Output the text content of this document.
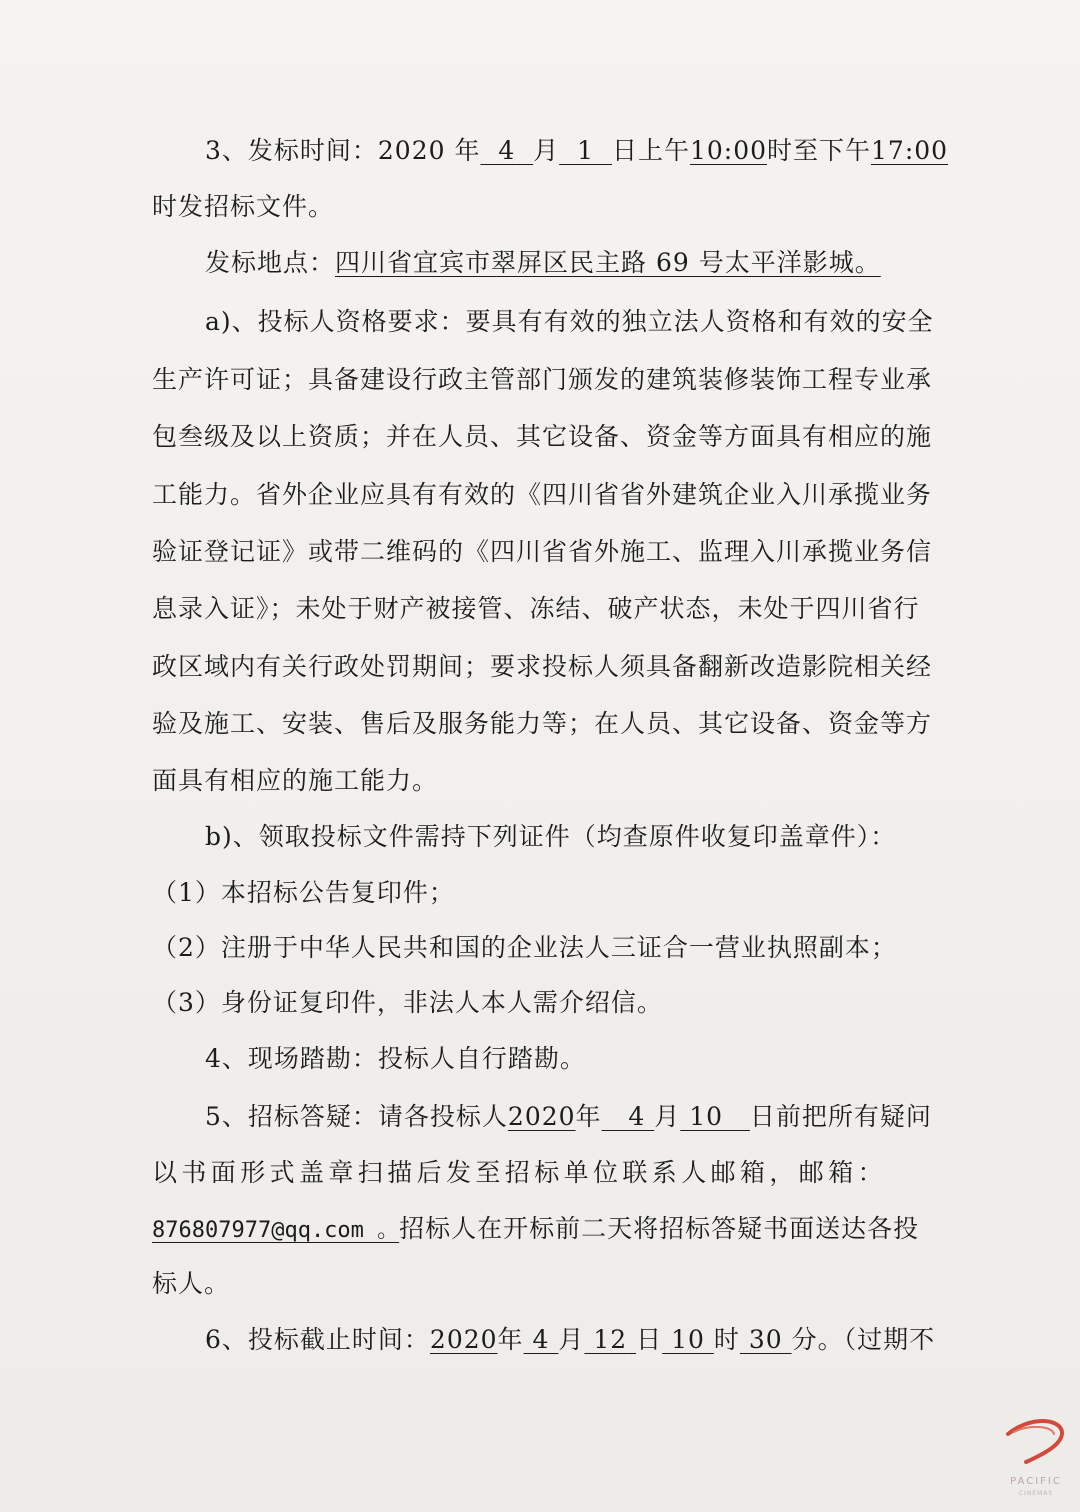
3、发标时间：2020 年 4 月 1 日上午10:00时至下午17:00
时发招标文件。
发标地点：四川省宜宾市翠屏区民主路 69 号太平洋影城。
a)、投标人资格要求：要具有有效的独立法人资格和有效的安全
生产许可证；具备建设行政主管部门颁发的建筑装修装饰工程专业承
包叁级及以上资质；并在人员、其它设备、资金等方面具有相应的施
工能力。省外企业应具有有效的《四川省省外建筑企业入川承揽业务
验证登记证》或带二维码的《四川省省外施工、监理入川承揽业务信
息录入证》；未处于财产被接管、冻结、破产状态，未处于四川省行
政区域内有关行政处罚期间；要求投标人须具备翻新改造影院相关经
验及施工、安装、售后及服务能力等；在人员、其它设备、资金等方
面具有相应的施工能力。
b)、领取投标文件需持下列证件（均查原件收复印盖章件）：
（1）本招标公告复印件；
（2）注册于中华人民共和国的企业法人三证合一营业执照副本；
（3）身份证复印件，非法人本人需介绍信。
4、现场踏勘：投标人自行踏勘。
5、招标答疑：请各投标人2020年 4 月 10 日前把所有疑问
以书面形式盖章扫描后发至招标单位联系人邮箱，邮箱：
876807977@qq.com 。招标人在开标前二天将招标答疑书面送达各投
标人。
6、投标截止时间：2020年 4 月 12 日 10 时 30 分。（过期不
PACIFIC
CINEMAS
